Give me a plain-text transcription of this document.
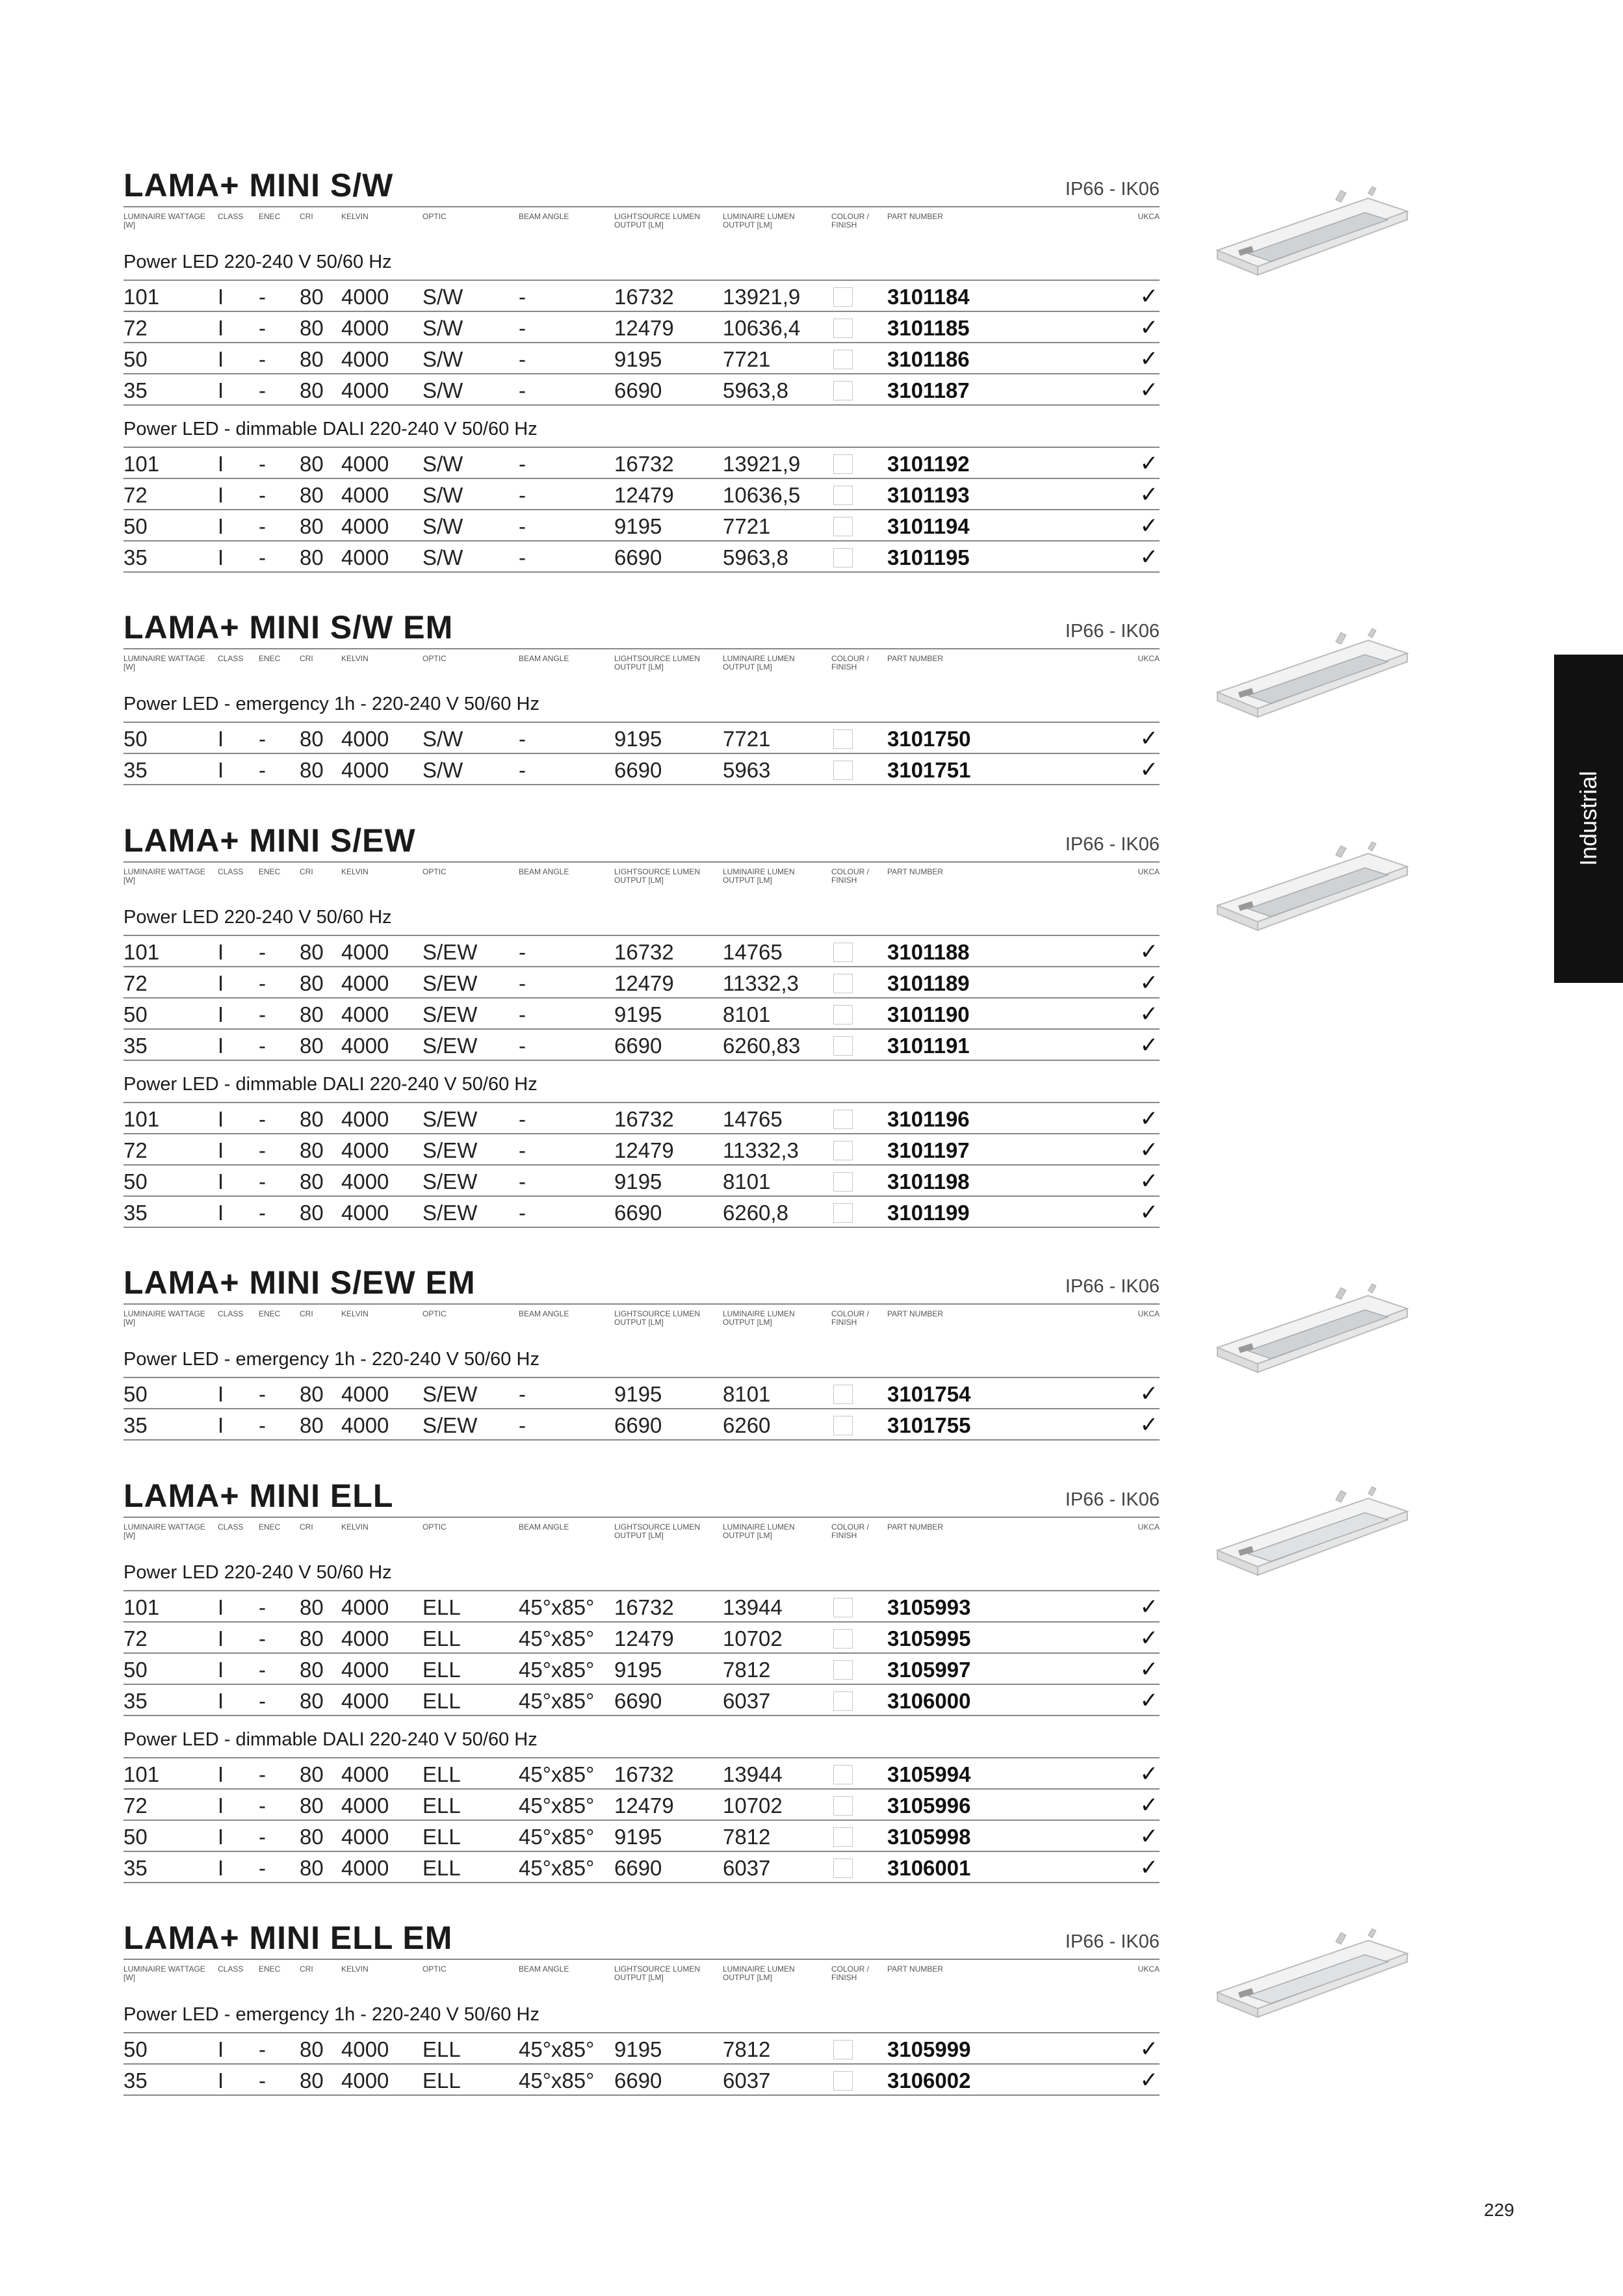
LAMA+ MINI S/W	IP66 - IK06
LUMINAIRE WATTAGE [W]
CLASS ENEC CRI	KELVIN	OPTIC	BEAM ANGLE	LIGHTSOURCE LUMEN OUTPUT [LM]
LUMINAIRE LUMEN OUTPUT [LM]
COLOUR / FINISH
PART NUMBER	UKCA
Power LED 220-240 V 50/60 Hz
Power LED - dimmable DALI 220-240 V 50/60 Hz
101	I - 80 4000 S/W	-	16732 13921,9	3101184	✓
72	I - 80 4000 S/W	-	12479 10636,4	3101185	✓
50	I - 80 4000 S/W	-	9195	7721	3101186	✓
35	I - 80 4000 S/W	-	6690	5963,8	3101187	✓
101	I - 80 4000 S/W	-	16732 13921,9	3101192	✓
72	I - 80 4000 S/W	-	12479 10636,5	3101193	✓
50	I - 80 4000 S/W	-	9195	7721	3101194	✓
35	I - 80 4000 S/W	-	6690	5963,8	3101195	✓
LAMA+ MINI S/W EM	IP66 - IK06
LUMINAIRE WATTAGE [W]
CLASS ENEC CRI	KELVIN	OPTIC	BEAM ANGLE	LIGHTSOURCE LUMEN OUTPUT [LM]
LUMINAIRE LUMEN OUTPUT [LM]
COLOUR / FINISH
PART NUMBER	UKCA
Power LED - emergency 1h - 220-240 V 50/60 Hz
50	I - 80 4000 S/W	-	9195	7721	3101750	✓
35	I - 80 4000 S/W	-	6690	5963	3101751	✓
LAMA+ MINI S/EW	IP66 - IK06
LUMINAIRE WATTAGE [W]
CLASS ENEC CRI	KELVIN	OPTIC	BEAM ANGLE	LIGHTSOURCE LUMEN OUTPUT [LM]
LUMINAIRE LUMEN OUTPUT [LM]
COLOUR / FINISH
PART NUMBER	UKCA
Power LED 220-240 V 50/60 Hz
Power LED - dimmable DALI 220-240 V 50/60 Hz
101	I - 80 4000 S/EW -	16732 14765	3101188	✓
72	I - 80 4000 S/EW -	12479 11332,3	3101189	✓
50	I - 80 4000 S/EW -	9195	8101	3101190	✓
35	I - 80 4000 S/EW -	6690	6260,83	3101191	✓
101	I - 80 4000 S/EW -	16732 14765	3101196	✓
72	I - 80 4000 S/EW -	12479 11332,3	3101197	✓
50	I - 80 4000 S/EW -	9195	8101	3101198	✓
35	I - 80 4000 S/EW -	6690	6260,8	3101199	✓
LAMA+ MINI S/EW EM	IP66 - IK06
LUMINAIRE WATTAGE [W]
CLASS ENEC CRI	KELVIN	OPTIC	BEAM ANGLE	LIGHTSOURCE LUMEN OUTPUT [LM]
LUMINAIRE LUMEN OUTPUT [LM]
COLOUR / FINISH
PART NUMBER	UKCA
Power LED - emergency 1h - 220-240 V 50/60 Hz
50	I - 80 4000 S/EW -	9195	8101	3101754	✓
35	I - 80 4000 S/EW -	6690	6260	3101755	✓
LAMA+ MINI ELL	IP66 - IK06
LUMINAIRE WATTAGE [W]
CLASS ENEC CRI	KELVIN	OPTIC	BEAM ANGLE	LIGHTSOURCE LUMEN OUTPUT [LM]
LUMINAIRE LUMEN OUTPUT [LM]
COLOUR / FINISH
PART NUMBER	UKCA
Power LED 220-240 V 50/60 Hz
Power LED - dimmable DALI 220-240 V 50/60 Hz
101	I - 80 4000 ELL	45°x85° 16732 13944	3105993	✓
72	I - 80 4000 ELL	45°x85° 12479 10702	3105995	✓
50	I - 80 4000 ELL	45°x85° 9195	7812	3105997	✓
35	I - 80 4000 ELL	45°x85° 6690	6037	3106000	✓
101	I - 80 4000 ELL	45°x85° 16732 13944	3105994	✓
72	I - 80 4000 ELL	45°x85° 12479 10702	3105996	✓
50	I - 80 4000 ELL	45°x85° 9195	7812	3105998	✓
35	I - 80 4000 ELL	45°x85° 6690	6037	3106001	✓
LAMA+ MINI ELL EM	IP66 - IK06
LUMINAIRE WATTAGE [W]
CLASS ENEC CRI	KELVIN	OPTIC	BEAM ANGLE	LIGHTSOURCE LUMEN OUTPUT [LM]
LUMINAIRE LUMEN OUTPUT [LM]
COLOUR / FINISH
PART NUMBER	UKCA
Power LED - emergency 1h - 220-240 V 50/60 Hz
50	I - 80 4000 ELL	45°x85° 9195	7812	3105999	✓
35	I - 80 4000 ELL	45°x85° 6690	6037	3106002	✓
Industrial
229
